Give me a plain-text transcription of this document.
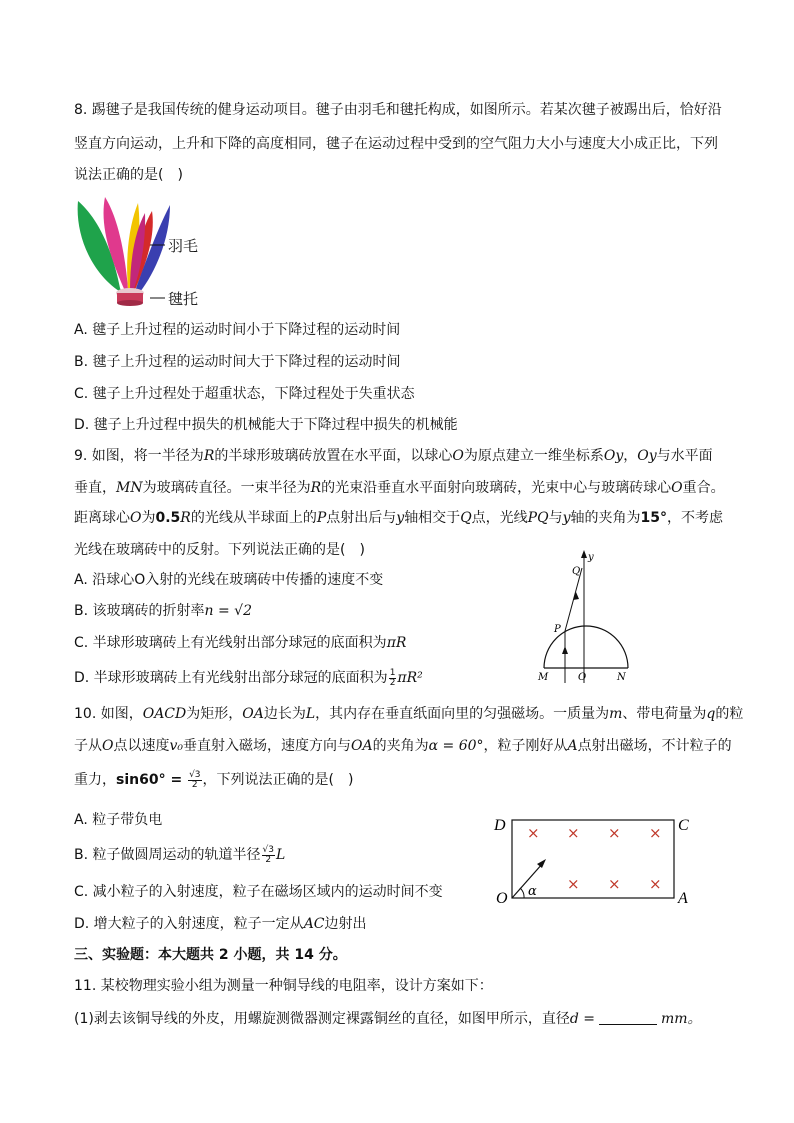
8. 踢毽子是我国传统的健身运动项目。毽子由羽毛和毽托构成，如图所示。若某次毽子被踢出后，恰好沿
竖直方向运动，上升和下降的高度相同，毽子在运动过程中受到的空气阻力大小与速度大小成正比，下列
说法正确的是(　)
羽毛
毽托
A. 毽子上升过程的运动时间小于下降过程的运动时间
B. 毽子上升过程的运动时间大于下降过程的运动时间
C. 毽子上升过程处于超重状态，下降过程处于失重状态
D. 毽子上升过程中损失的机械能大于下降过程中损失的机械能
9. 如图，将一半径为R的半球形玻璃砖放置在水平面，以球心O为原点建立一维坐标系Oy，Oy与水平面
垂直，MN为玻璃砖直径。一束半径为R的光束沿垂直水平面射向玻璃砖，光束中心与玻璃砖球心O重合。
距离球心O为0.5R的光线从半球面上的P点射出后与y轴相交于Q点，光线PQ与y轴的夹角为15°，不考虑
光线在玻璃砖中的反射。下列说法正确的是(　)
A. 沿球心O入射的光线在玻璃砖中传播的速度不变
B. 该玻璃砖的折射率n = √2
C. 半球形玻璃砖上有光线射出部分球冠的底面积为πR
D. 半球形玻璃砖上有光线射出部分球冠的底面积为 $\frac{1}{2} \pi R^2$
y
Q
P
M	O	N
10. 如图，OACD为矩形，OA边长为L，其内存在垂直纸面向里的匀强磁场。一质量为m、带电荷量为q的粒
子从O点以速度v₀垂直射入磁场，速度方向与OA的夹角为α = 60°，粒子刚好从A点射出磁场，不计粒子的
重力，$\sin 60^\circ = \frac{√3}{2}$ ，下列说法正确的是(　)
A. 粒子带负电
B. 粒子做圆周运动的轨道半径 $\frac{√3}{2}$ L
C. 减小粒子的入射速度，粒子在磁场区域内的运动时间不变
D. 增大粒子的入射速度，粒子一定从AC边射出
D	C
O	A
× × × ×
× × ×
α
三、实验题：本大题共 2 小题，共 14 分。
11. 某校物理实验小组为测量一种铜导线的电阻率，设计方案如下：
(1)剥去该铜导线的外皮，用螺旋测微器测定裸露铜丝的直径，如图甲所示，直径d =	mm。
